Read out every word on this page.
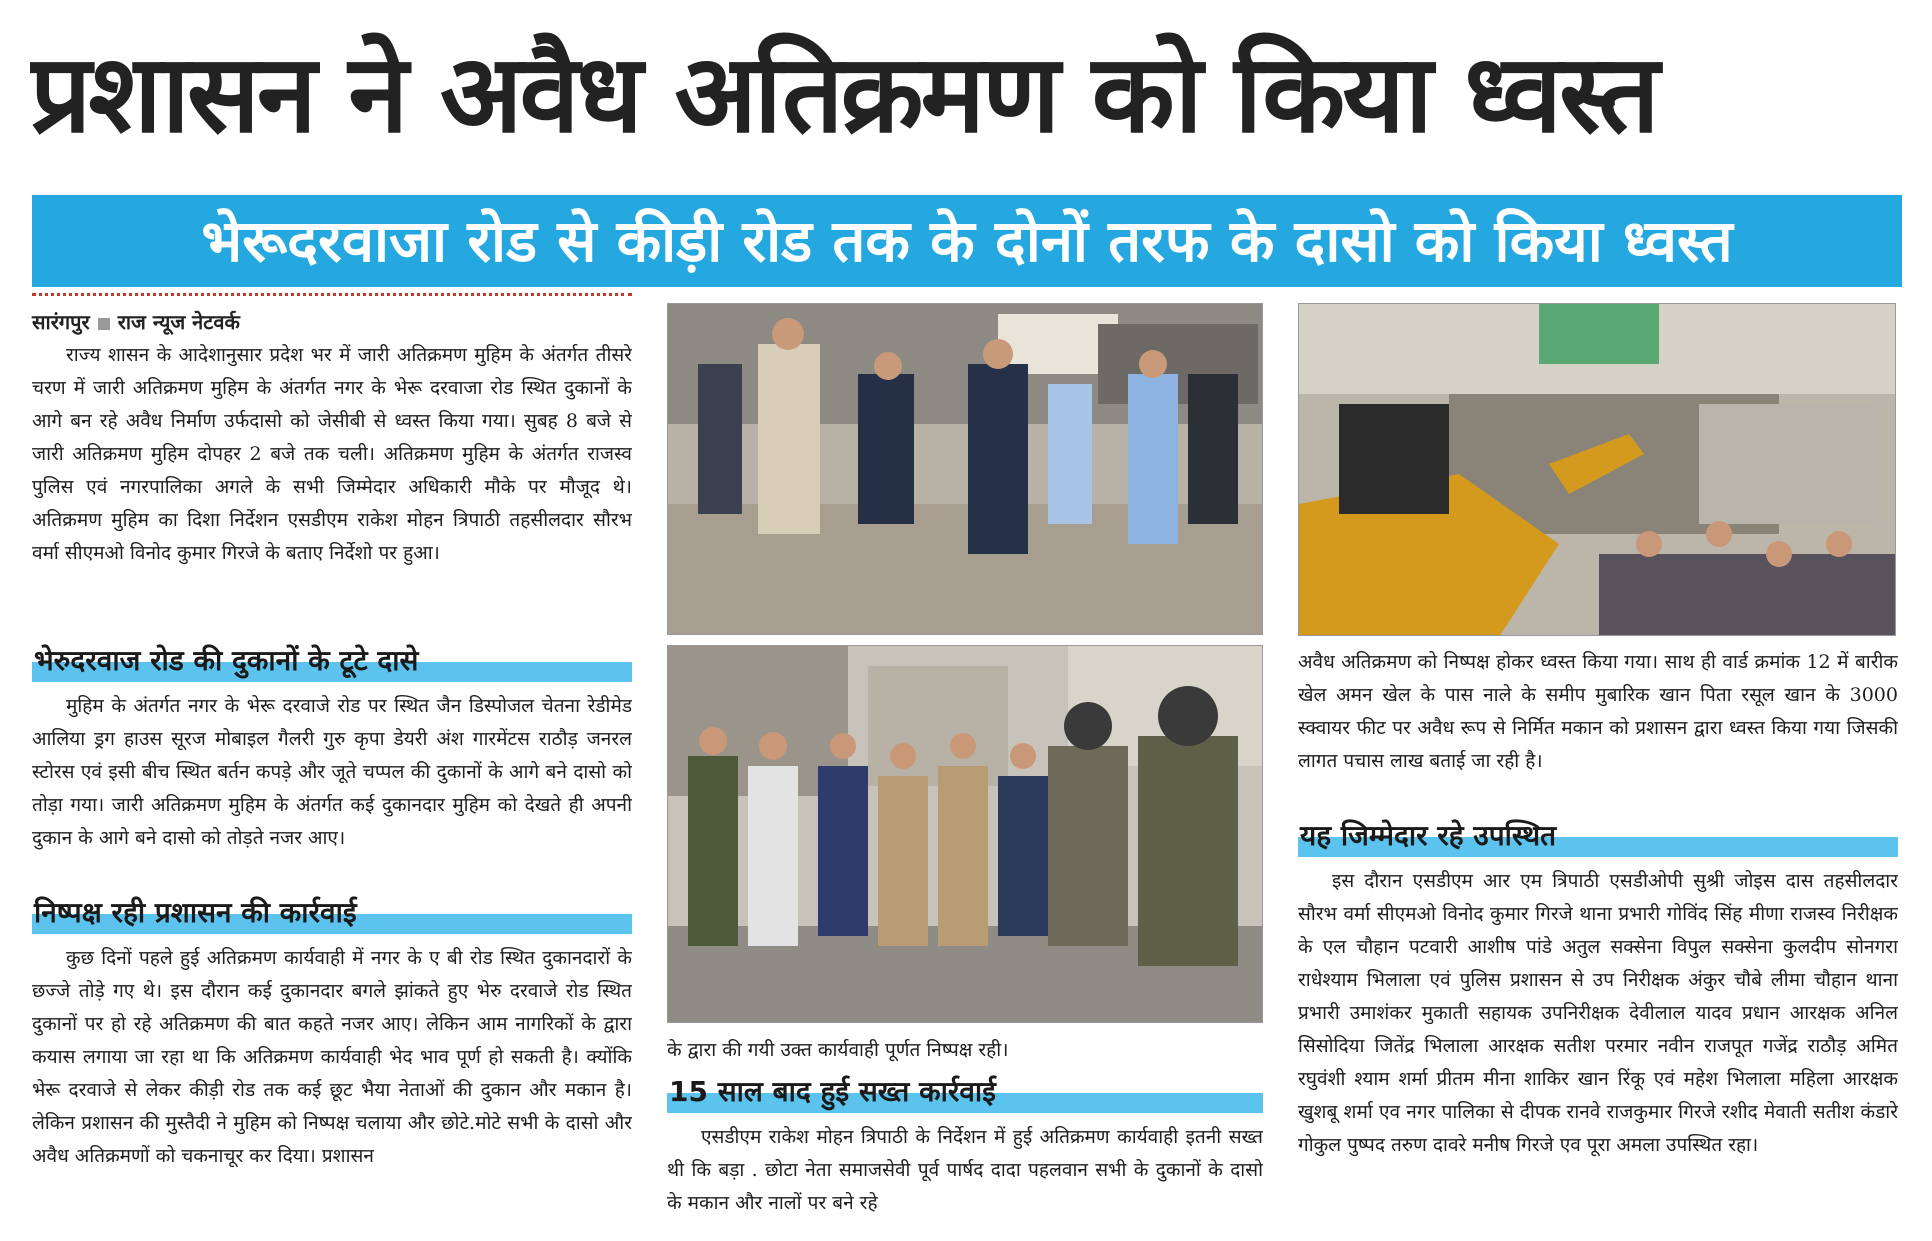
प्रशासन ने अवैध अतिक्रमण को किया ध्वस्त
भेरूदरवाजा रोड से कीड़ी रोड तक के दोनों तरफ के दासो को किया ध्वस्त
सारंगपुर राज न्यूज नेटवर्क

राज्य शासन के आदेशानुसार प्रदेश भर में जारी अतिक्रमण मुहिम के अंतर्गत तीसरे चरण में जारी अतिक्रमण मुहिम के अंतर्गत नगर के भेरू दरवाजा रोड स्थित दुकानों के आगे बन रहे अवैध निर्माण उर्फदासो को जेसीबी से ध्वस्त किया गया। सुबह 8 बजे से जारी अतिक्रमण मुहिम दोपहर 2 बजे तक चली। अतिक्रमण मुहिम के अंतर्गत राजस्व पुलिस एवं नगरपालिका अगले के सभी जिम्मेदार अधिकारी मौके पर मौजूद थे। अतिक्रमण मुहिम का दिशा निर्देशन एसडीएम राकेश मोहन त्रिपाठी तहसीलदार सौरभ वर्मा सीएमओ विनोद कुमार गिरजे के बताए निर्देशो पर हुआ।

भेरुदरवाज रोड की दुकानों के टूटे दासे

मुहिम के अंतर्गत नगर के भेरू दरवाजे रोड पर स्थित जैन डिस्पोजल चेतना रेडीमेड आलिया ड्रग हाउस सूरज मोबाइल गैलरी गुरु कृपा डेयरी अंश गारमेंटस राठौड़ जनरल स्टोरस एवं इसी बीच स्थित बर्तन कपड़े और जूते चप्पल की दुकानों के आगे बने दासो को तोड़ा गया। जारी अतिक्रमण मुहिम के अंतर्गत कई दुकानदार मुहिम को देखते ही अपनी दुकान के आगे बने दासो को तोड़ते नजर आए।

निष्पक्ष रही प्रशासन की कार्रवाई

कुछ दिनों पहले हुई अतिक्रमण कार्यवाही में नगर के ए बी रोड स्थित दुकानदारों के छज्जे तोड़े गए थे। इस दौरान कई दुकानदार बगले झांकते हुए भेरु दरवाजे रोड स्थित दुकानों पर हो रहे अतिक्रमण की बात कहते नजर आए। लेकिन आम नागरिकों के द्वारा कयास लगाया जा रहा था कि अतिक्रमण कार्यवाही भेद भाव पूर्ण हो सकती है। क्योंकि भेरू दरवाजे से लेकर कीड़ी रोड तक कई छूट भैया नेताओं की दुकान और मकान है। लेकिन प्रशासन की मुस्तैदी ने मुहिम को निष्पक्ष चलाया और छोटे.मोटे सभी के दासो और अवैध अतिक्रमणों को चकनाचूर कर दिया। प्रशासन

के द्वारा की गयी उक्त कार्यवाही पूर्णत निष्पक्ष रही।

15 साल बाद हुई सख्त कार्रवाई

एसडीएम राकेश मोहन त्रिपाठी के निर्देशन में हुई अतिक्रमण कार्यवाही इतनी सख्त थी कि बड़ा . छोटा नेता समाजसेवी पूर्व पार्षद दादा पहलवान सभी के दुकानों के दासो के मकान और नालों पर बने रहे

अवैध अतिक्रमण को निष्पक्ष होकर ध्वस्त किया गया। साथ ही वार्ड क्रमांक 12 में बारीक खेल अमन खेल के पास नाले के समीप मुबारिक खान पिता रसूल खान के 3000 स्क्वायर फीट पर अवैध रूप से निर्मित मकान को प्रशासन द्वारा ध्वस्त किया गया जिसकी लागत पचास लाख बताई जा रही है।

यह जिम्मेदार रहे उपस्थित

इस दौरान एसडीएम आर एम त्रिपाठी एसडीओपी सुश्री जोइस दास तहसीलदार सौरभ वर्मा सीएमओ विनोद कुमार गिरजे थाना प्रभारी गोविंद सिंह मीणा राजस्व निरीक्षक के एल चौहान पटवारी आशीष पांडे अतुल सक्सेना विपुल सक्सेना कुलदीप सोनगरा राधेश्याम भिलाला एवं पुलिस प्रशासन से उप निरीक्षक अंकुर चौबे लीमा चौहान थाना प्रभारी उमाशंकर मुकाती सहायक उपनिरीक्षक देवीलाल यादव प्रधान आरक्षक अनिल सिसोदिया जितेंद्र भिलाला आरक्षक सतीश परमार नवीन राजपूत गजेंद्र राठौड़ अमित रघुवंशी श्याम शर्मा प्रीतम मीना शाकिर खान रिंकू एवं महेश भिलाला महिला आरक्षक खुशबू शर्मा एव नगर पालिका से दीपक रानवे राजकुमार गिरजे रशीद मेवाती सतीश कंडारे गोकुल पुष्पद तरुण दावरे मनीष गिरजे एव पूरा अमला उपस्थित रहा।
